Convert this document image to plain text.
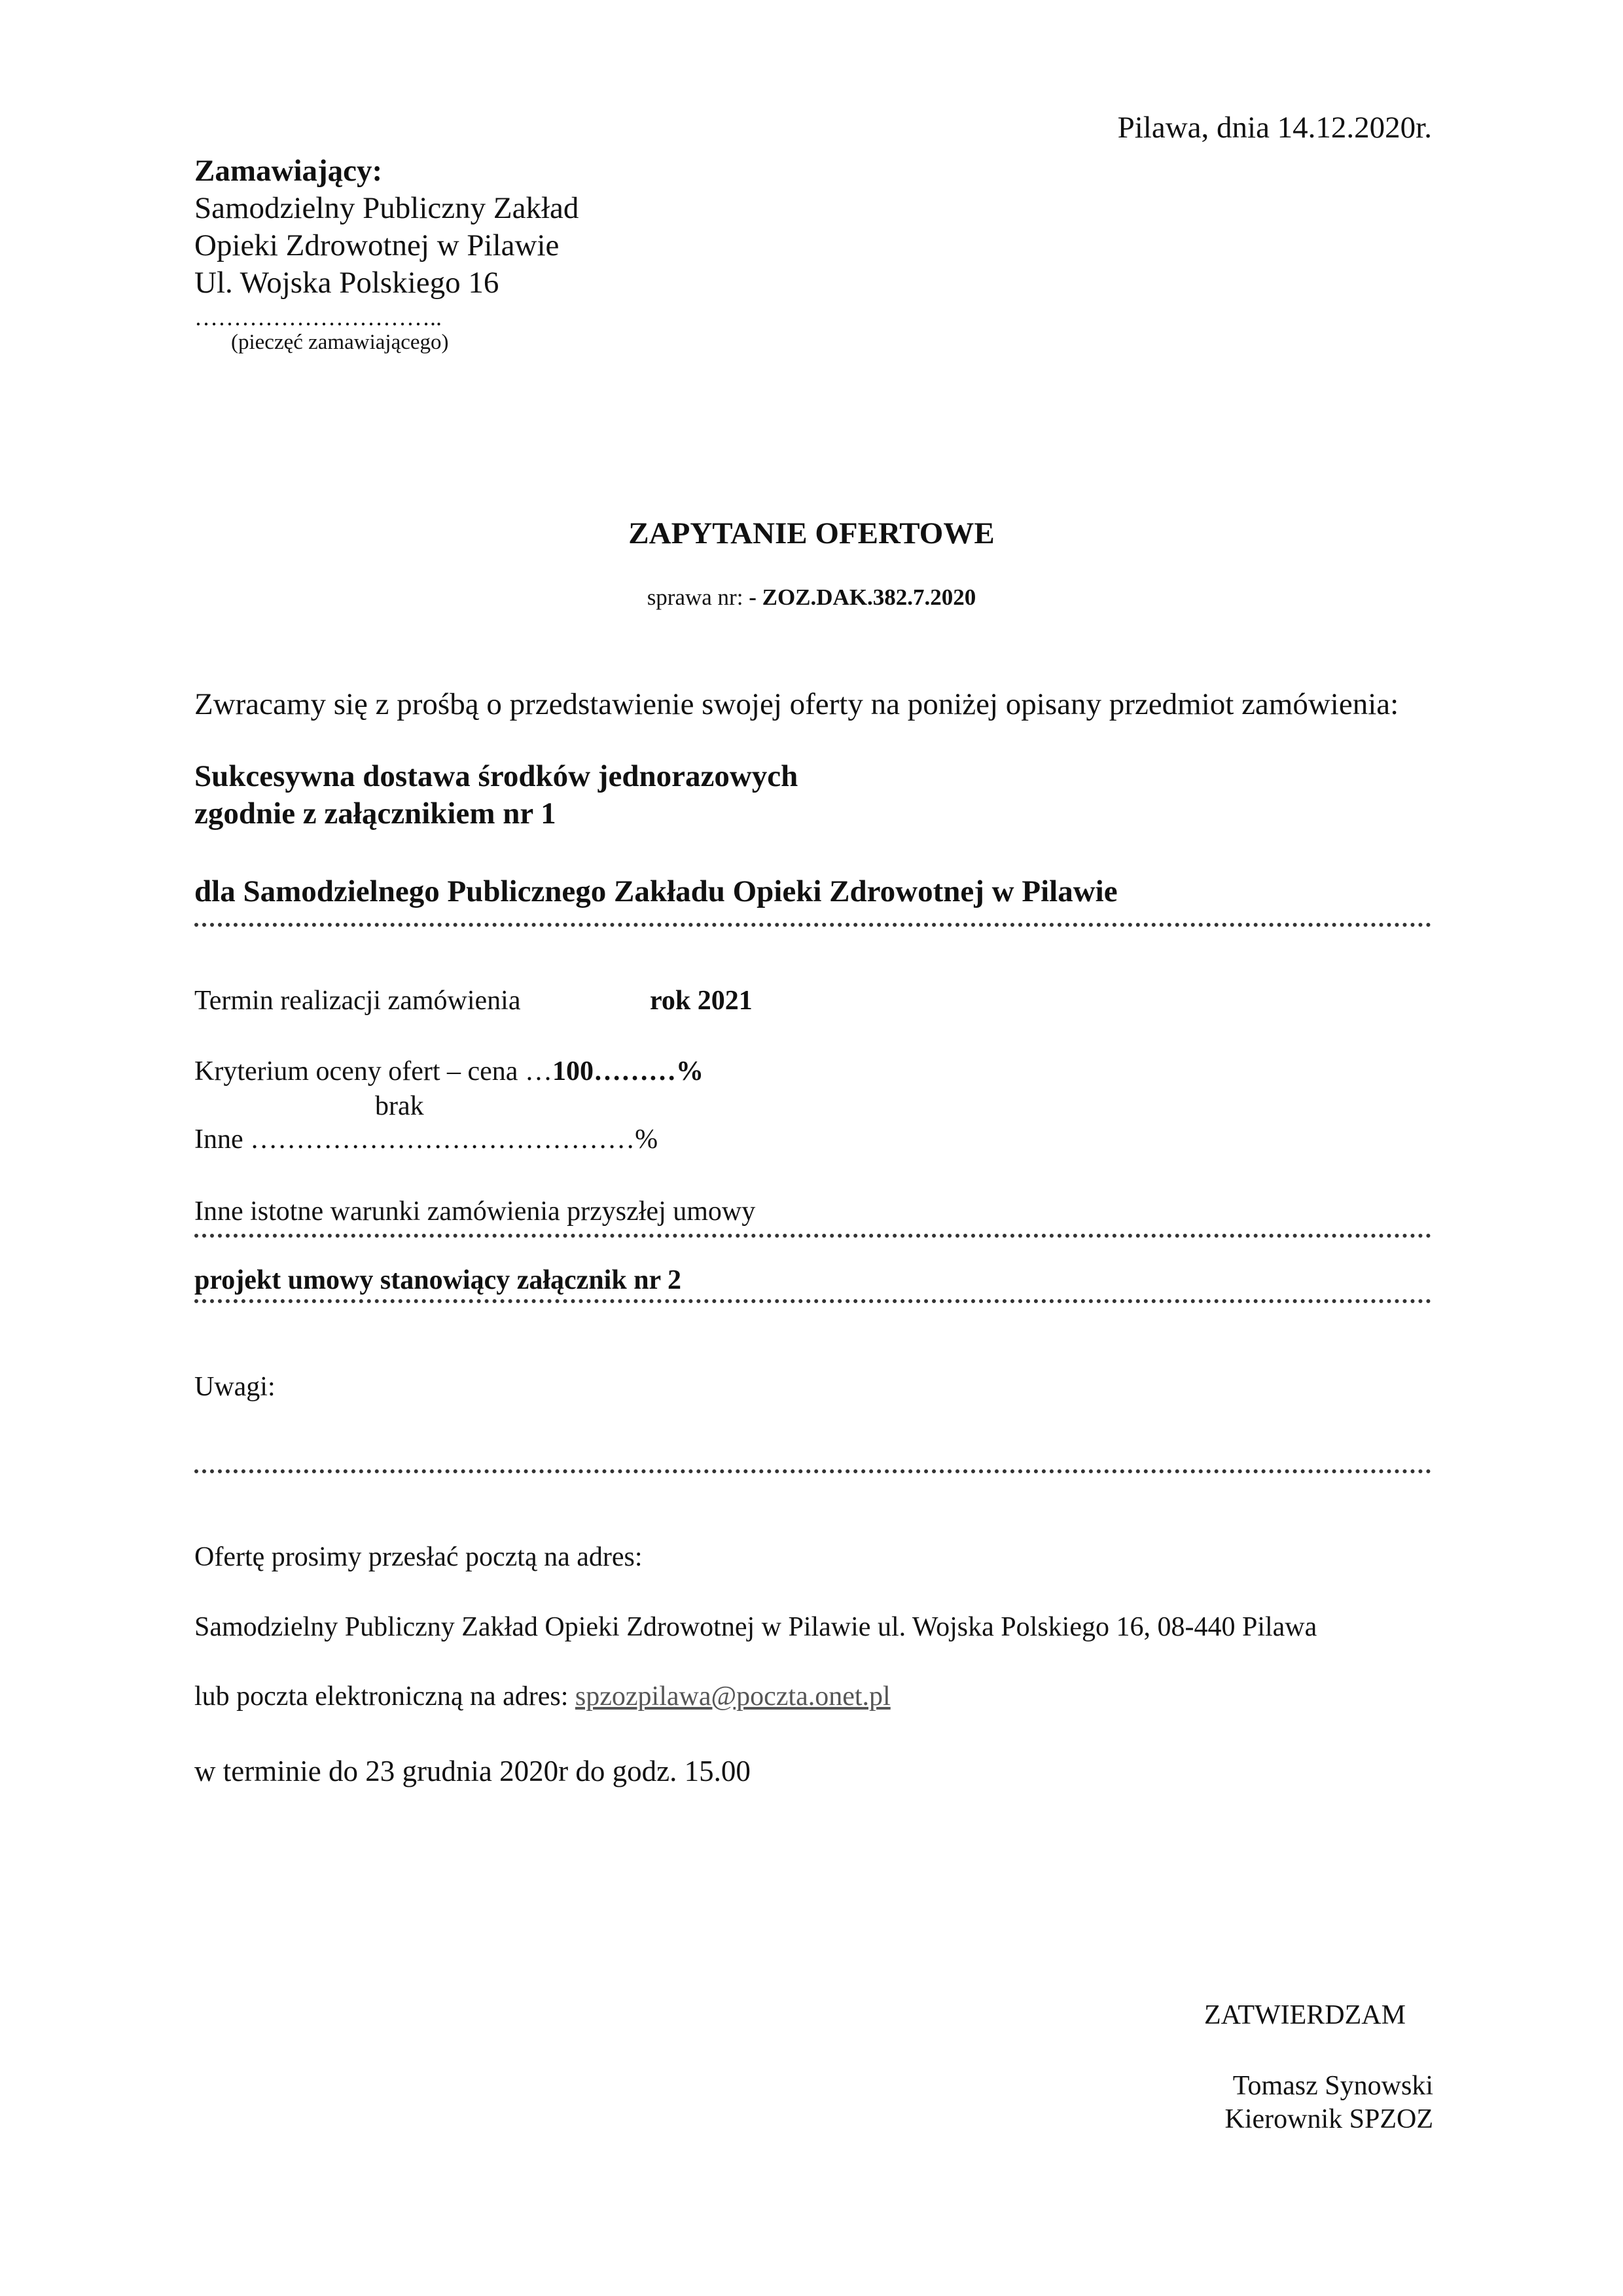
Pilawa, dnia 14.12.2020r.
Zamawiający:
Samodzielny Publiczny Zakład
Opieki Zdrowotnej w Pilawie
Ul. Wojska Polskiego 16
…………………………..
(pieczęć zamawiającego)
ZAPYTANIE OFERTOWE
sprawa nr: - ZOZ.DAK.382.7.2020
Zwracamy się z prośbą o przedstawienie swojej oferty na poniżej opisany przedmiot zamówienia:
Sukcesywna dostawa środków jednorazowych
zgodnie z załącznikiem nr 1
dla Samodzielnego Publicznego Zakładu Opieki Zdrowotnej w Pilawie
Termin realizacji zamówienia	rok 2021
Kryterium oceny ofert – cena …100………%
brak
Inne ……………………………………%
Inne istotne warunki zamówienia przyszłej umowy
projekt umowy stanowiący załącznik nr 2
Uwagi:
Ofertę prosimy przesłać pocztą na adres:
Samodzielny Publiczny Zakład Opieki Zdrowotnej w Pilawie ul. Wojska Polskiego 16, 08-440 Pilawa
lub poczta elektroniczną na adres: spzozpilawa@poczta.onet.pl
w terminie do 23 grudnia 2020r do godz. 15.00
ZATWIERDZAM
Tomasz Synowski
Kierownik SPZOZ
